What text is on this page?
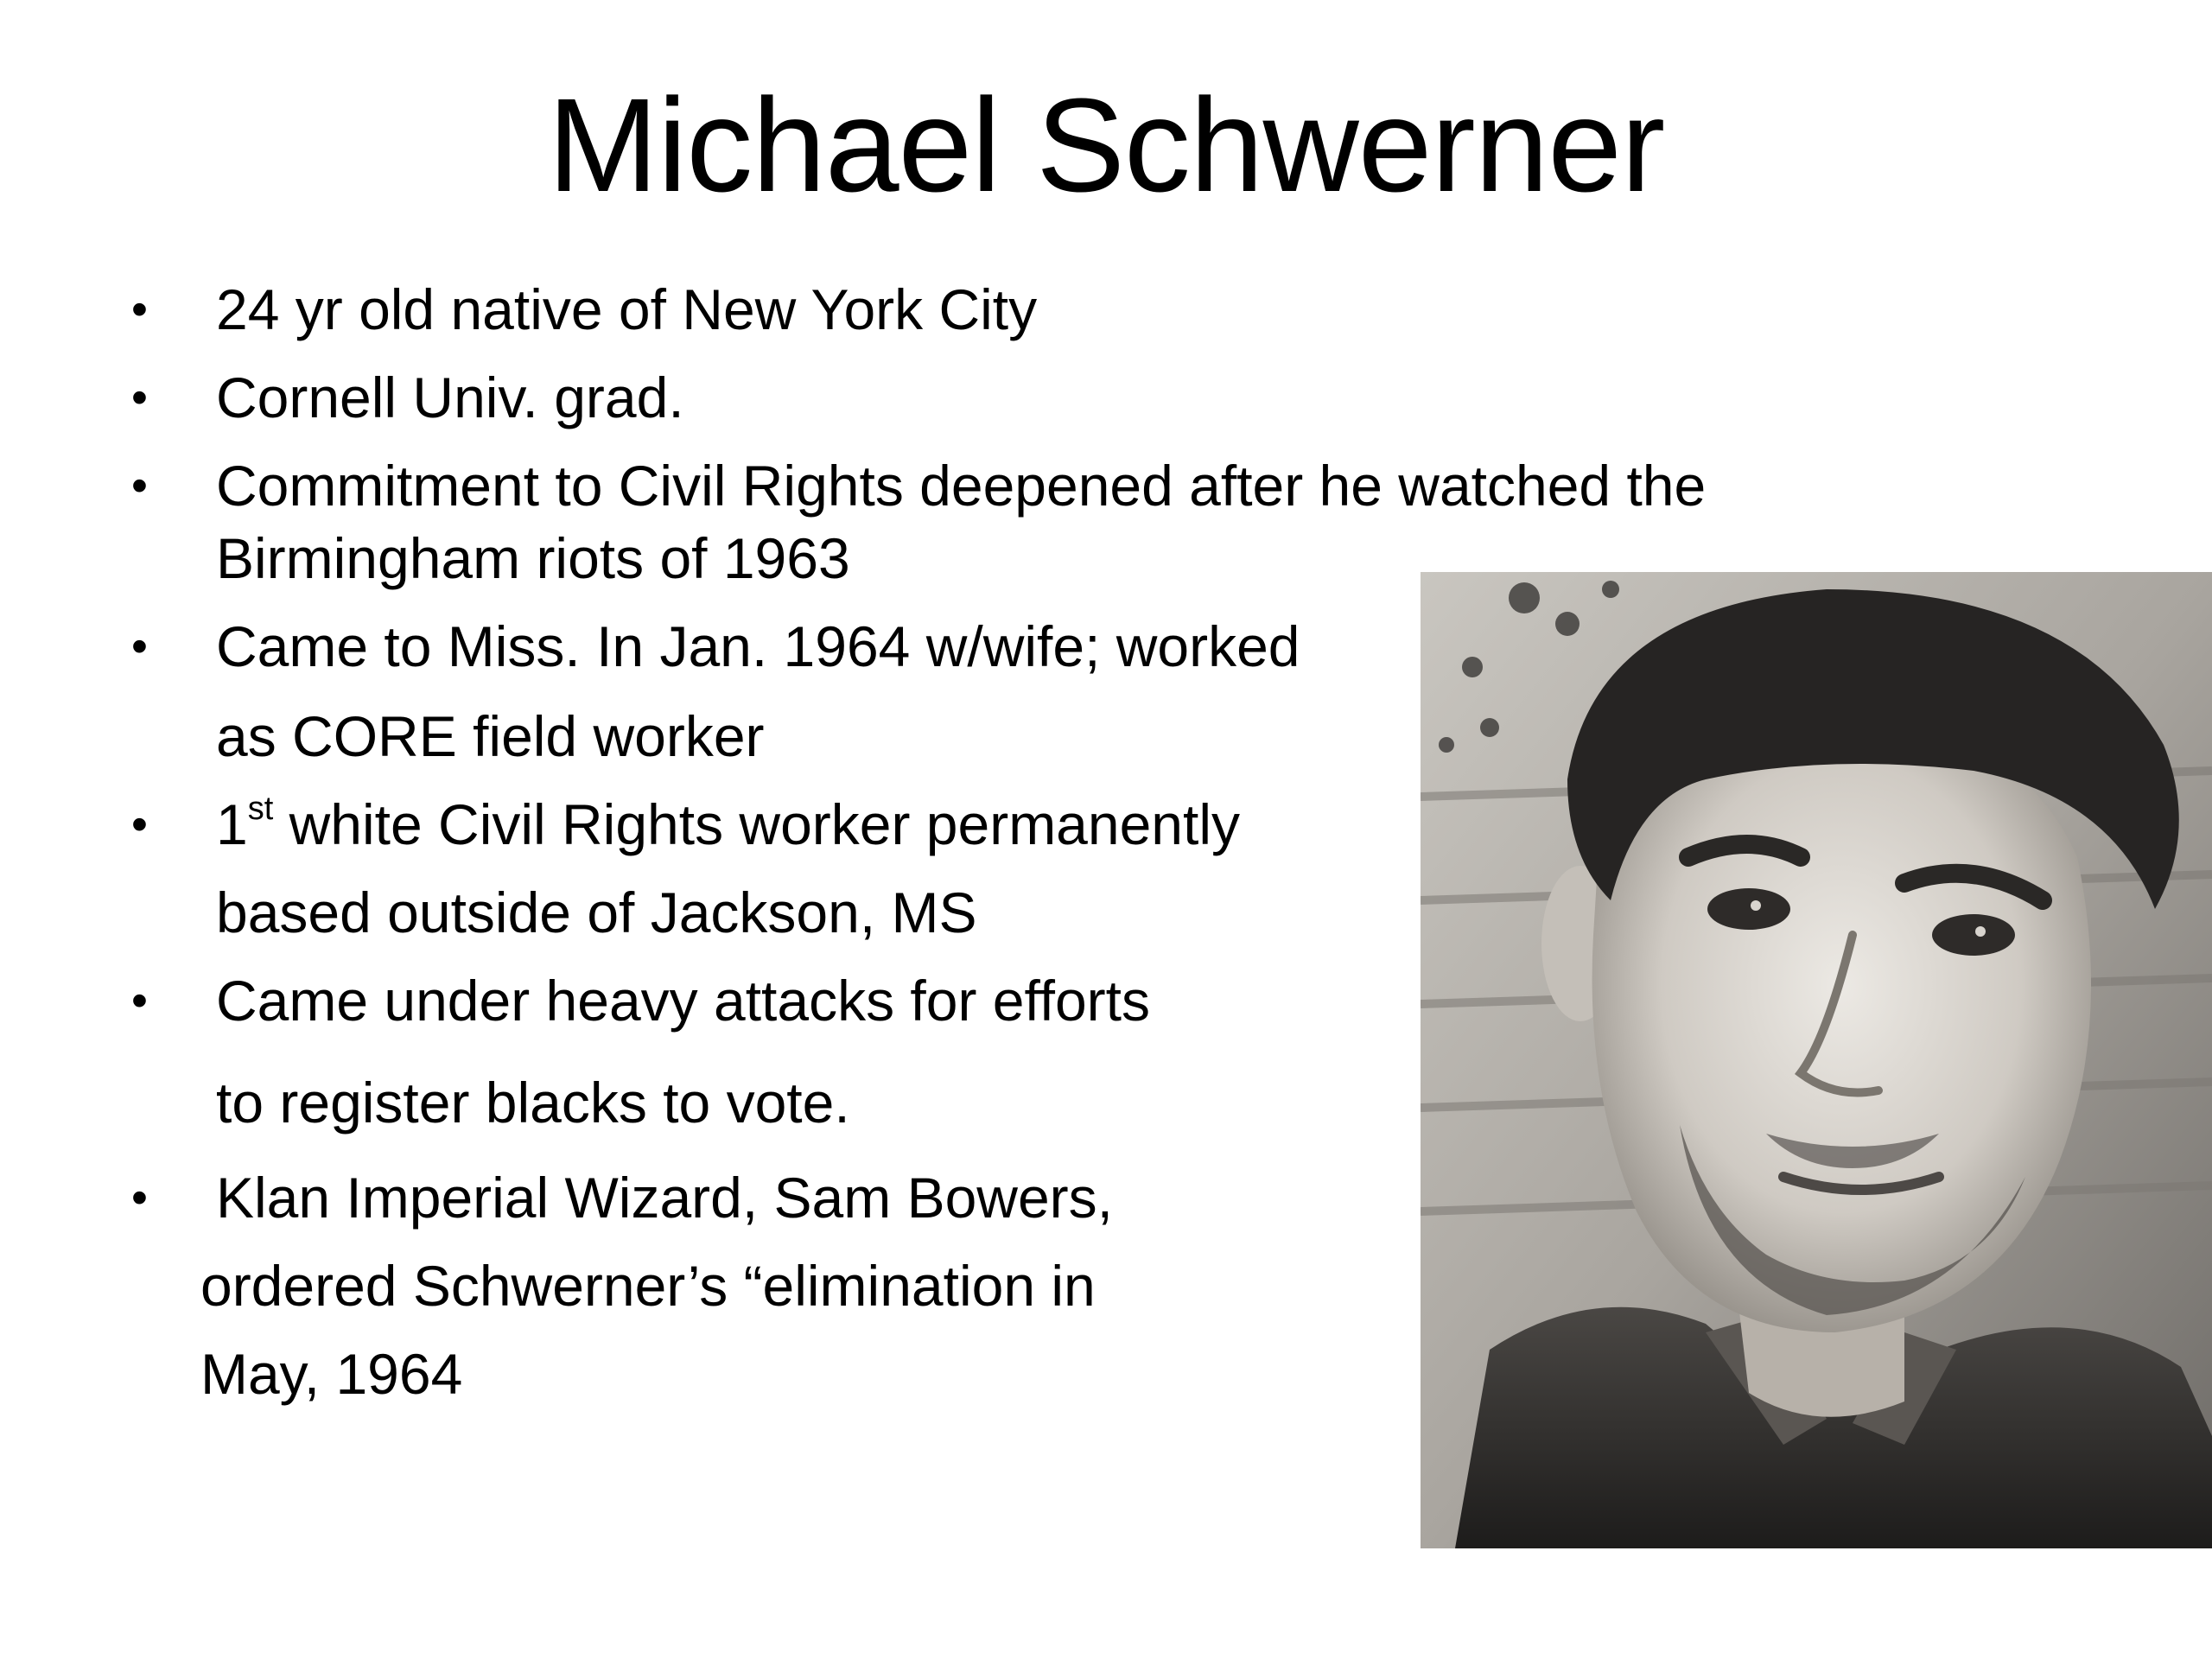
Michael Schwerner
• 24 yr old native of New York City
• Cornell Univ. grad.
• Commitment to Civil Rights deepened after he watched the
Birmingham riots of 1963
• Came to Miss. In Jan. 1964 w/wife; worked
as CORE field worker
• 1st white Civil Rights worker permanently
based outside of Jackson, MS
• Came under heavy attacks for efforts
to register blacks to vote.
• Klan Imperial Wizard, Sam Bowers,
ordered Schwerner’s “elimination in
May, 1964
